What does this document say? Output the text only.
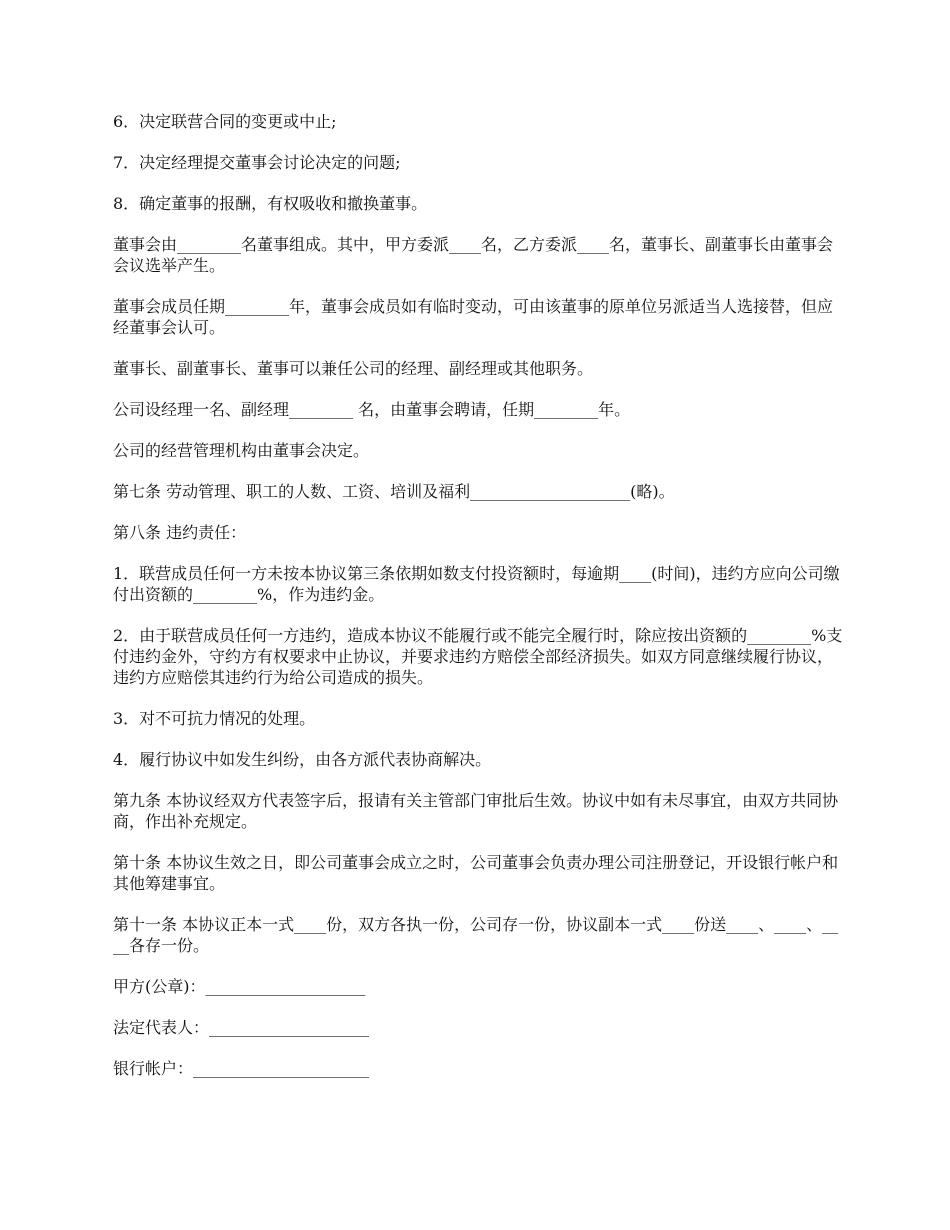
6．决定联营合同的变更或中止;

7．决定经理提交董事会讨论决定的问题;

8．确定董事的报酬，有权吸收和撤换董事。

董事会由________名董事组成。其中，甲方委派____名，乙方委派____名，董事长、副董事长由董事会会议选举产生。

董事会成员任期________年，董事会成员如有临时变动，可由该董事的原单位另派适当人选接替，但应经董事会认可。

董事长、副董事长、董事可以兼任公司的经理、副经理或其他职务。

公司设经理一名、副经理________ 名，由董事会聘请，任期________年。

公司的经营管理机构由董事会决定。

第七条 劳动管理、职工的人数、工资、培训及福利____________________(略)。

第八条 违约责任：

1．联营成员任何一方未按本协议第三条依期如数支付投资额时，每逾期____(时间)，违约方应向公司缴付出资额的________%，作为违约金。

2．由于联营成员任何一方违约，造成本协议不能履行或不能完全履行时，除应按出资额的________%支付违约金外，守约方有权要求中止协议，并要求违约方赔偿全部经济损失。如双方同意继续履行协议，违约方应赔偿其违约行为给公司造成的损失。

3．对不可抗力情况的处理。

4．履行协议中如发生纠纷，由各方派代表协商解决。

第九条 本协议经双方代表签字后，报请有关主管部门审批后生效。协议中如有未尽事宜，由双方共同协商，作出补充规定。

第十条 本协议生效之日，即公司董事会成立之时，公司董事会负责办理公司注册登记，开设银行帐户和其他筹建事宜。

第十一条 本协议正本一式____份，双方各执一份，公司存一份，协议副本一式____份送____、____、____各存一份。

甲方(公章)：____________________

法定代表人：____________________

银行帐户：______________________
